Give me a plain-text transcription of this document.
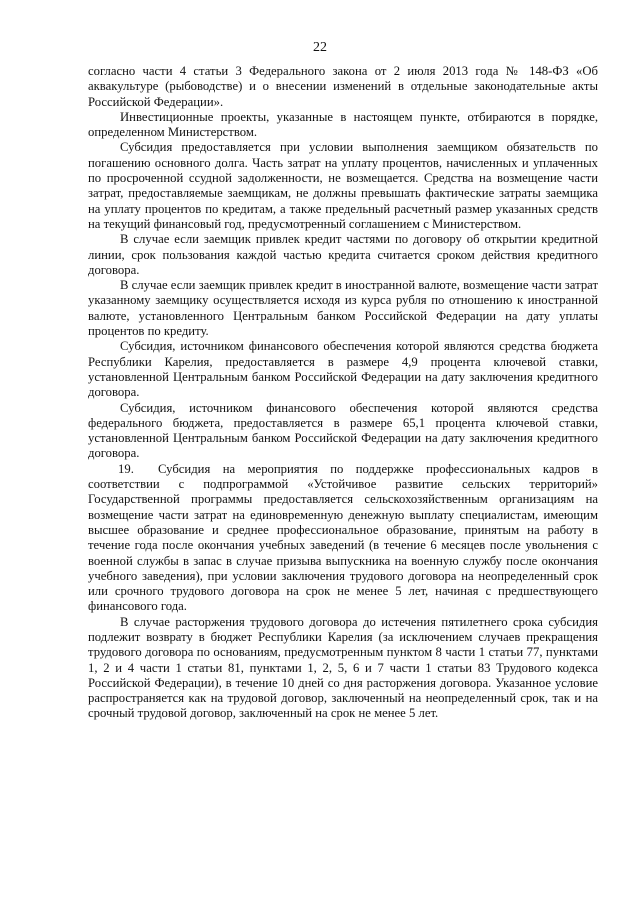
22

согласно части 4 статьи 3 Федерального закона от 2 июля 2013 года № 148-ФЗ «Об аквакультуре (рыбоводстве) и о внесении изменений в отдельные законодательные акты Российской Федерации».

Инвестиционные проекты, указанные в настоящем пункте, отбираются в порядке, определенном Министерством.

Субсидия предоставляется при условии выполнения заемщиком обязательств по погашению основного долга. Часть затрат на уплату процентов, начисленных и уплаченных по просроченной ссудной задолженности, не возмещается. Средства на возмещение части затрат, предоставляемые заемщикам, не должны превышать фактические затраты заемщика на уплату процентов по кредитам, а также предельный расчетный размер указанных средств на текущий финансовый год, предусмотренный соглашением с Министерством.

В случае если заемщик привлек кредит частями по договору об открытии кредитной линии, срок пользования каждой частью кредита считается сроком действия кредитного договора.

В случае если заемщик привлек кредит в иностранной валюте, возмещение части затрат указанному заемщику осуществляется исходя из курса рубля по отношению к иностранной валюте, установленного Центральным банком Российской Федерации на дату уплаты процентов по кредиту.

Субсидия, источником финансового обеспечения которой являются средства бюджета Республики Карелия, предоставляется в размере 4,9 процента ключевой ставки, установленной Центральным банком Российской Федерации на дату заключения кредитного договора.

Субсидия, источником финансового обеспечения которой являются средства федерального бюджета, предоставляется в размере 65,1 процента ключевой ставки, установленной Центральным банком Российской Федерации на дату заключения кредитного договора.

19. Субсидия на мероприятия по поддержке профессиональных кадров в соответствии с подпрограммой «Устойчивое развитие сельских территорий» Государственной программы предоставляется сельскохозяйственным организациям на возмещение части затрат на единовременную денежную выплату специалистам, имеющим высшее образование и среднее профессиональное образование, принятым на работу в течение года после окончания учебных заведений (в течение 6 месяцев после увольнения с военной службы в запас в случае призыва выпускника на военную службу после окончания учебного заведения), при условии заключения трудового договора на неопределенный срок или срочного трудового договора на срок не менее 5 лет, начиная с предшествующего финансового года.

В случае расторжения трудового договора до истечения пятилетнего срока субсидия подлежит возврату в бюджет Республики Карелия (за исключением случаев прекращения трудового договора по основаниям, предусмотренным пунктом 8 части 1 статьи 77, пунктами 1, 2 и 4 части 1 статьи 81, пунктами 1, 2, 5, 6 и 7 части 1 статьи 83 Трудового кодекса Российской Федерации), в течение 10 дней со дня расторжения договора. Указанное условие распространяется как на трудовой договор, заключенный на неопределенный срок, так и на срочный трудовой договор, заключенный на срок не менее 5 лет.
